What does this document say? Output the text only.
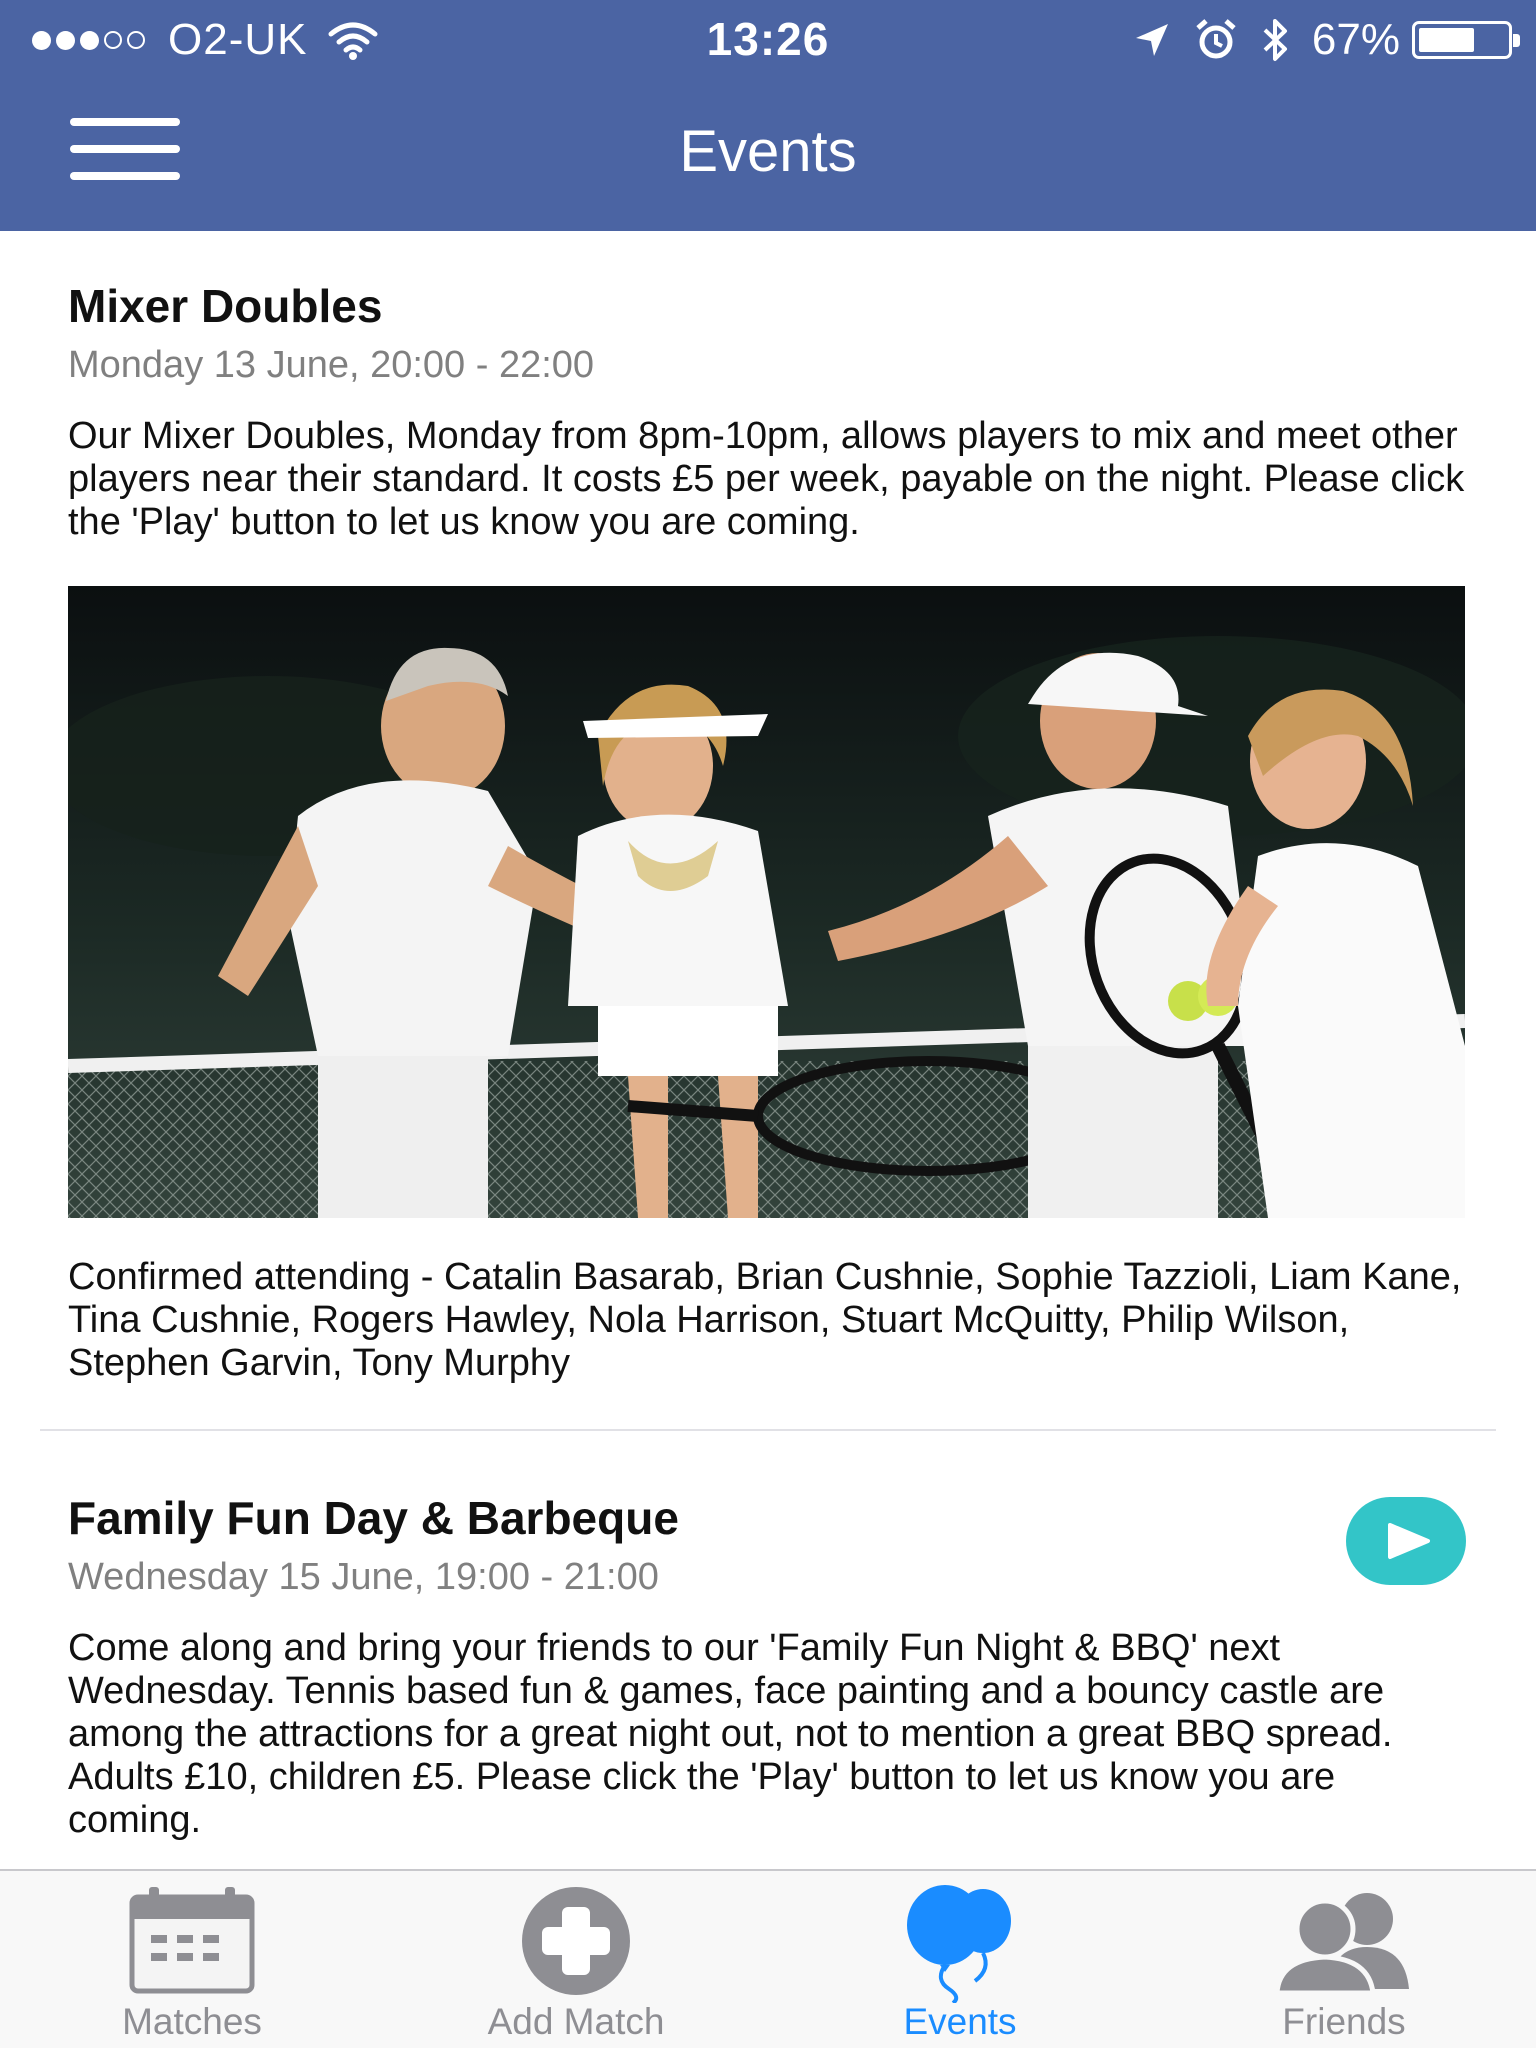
O2-UK	13:26	67%
Events
Mixer Doubles
Monday 13 June, 20:00 - 22:00
Our Mixer Doubles, Monday from 8pm-10pm, allows players to mix and meet other players near their standard. It costs £5 per week, payable on the night. Please click the 'Play' button to let us know you are coming.
Confirmed attending - Catalin Basarab, Brian Cushnie, Sophie Tazzioli, Liam Kane, Tina Cushnie, Rogers Hawley, Nola Harrison, Stuart McQuitty, Philip Wilson, Stephen Garvin, Tony Murphy
Family Fun Day & Barbeque
Wednesday 15 June, 19:00 - 21:00
Come along and bring your friends to our 'Family Fun Night & BBQ' next Wednesday. Tennis based fun & games, face painting and a bouncy castle are among the attractions for a great night out, not to mention a great BBQ spread. Adults £10, children £5. Please click the 'Play' button to let us know you are coming.
Matches	Add Match	Events	Friends
